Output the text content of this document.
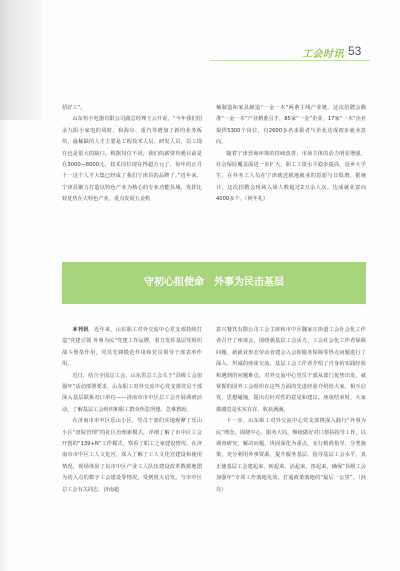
工会时讯 53

招好工”。

山东恒宇电器有限公司副总经理王云升说，“今年我们招录九阳小家电的同时，和海尔、重汽等增加了新的业务板块，最稀缺的人才主要是工程技术人员、研发人员，员工现在也是很大的缺口。根据岗位不同，我们的薪资待遇目前是在3000—8000元，技术岗位现在得超万元了。每年的正月十一这个人才大集已经成了我们宁津县的品牌了。”近年来，宁津县聚力打造以特色产业为核心的专业功能县域，发挥比较优势在大特色产业，重点发展五金机

械制造和家具制造“一金一木”两条主线产业链。这次招聘会瞄准“一金一木”产业精准引才，85家“一金”企业，17家“一木”企业提供5300个岗位，有2600多名求职者与企业达成初步就业意向。

随着宁津营商环境的持续改善，市场主体的活力明显增强，社会保险覆盖面进一步扩大，职工工资水平稳步提高，返乡大学生、在外务工人员在宁津就近就地就业的意愿与日俱增。据统计，这次招聘会现场入场人数超过2万余人次，达成就业意向4000多个。（何冬礼）

守初心担使命　外事为民击基层

本刊讯　 近年来，山东职工对外交流中心党支部持续打造“党建引领 外事为民”党建工作品牌，着力发挥基层党组织战斗堡垒作用，党员先锋模范作用和党员领导干部表率作用。

近日，结合全国总工会、山东省总工会关于“县级工会加强年”活动部署要求，山东职工对外交流中心党支部党员干部深入基层联系对口单位——济南市市中区总工会开展调研活动，了解基层工会组织和职工群众所思所想、急难愁盼。

在济南市市中区乐山小区，党员干部们实地观摩了乐山小区“盘院管理”的社区治理新模式，详细了解了市中区工会开创的“139+N”工作模式，察看了职工之家建设情况。在济南市市中区工人文化宫，深入了解了工人文化宫建设和使用情况，现场体验了以市中区产业工人队伍建设改革数据地图为切入点的数字工会建设等情况，受到很大启发。与市中区总工会有关同志、济南超

意兴餐饮有限公司工会主席和市中区魏家庄街道工会社会化工作者召开了座谈会，围绕强基层工会活力、工会社会化工作者保障问题、新就业形态劳动者建会入会和服务保障等热点问题进行了深入、坦诚的座谈交流，基层工会工作者介绍了自身的实践经验和遇到的问题难点，对外交流中心党员干部从部门优势出发，就掌握的国外工会组织在这些方面的先进经验介绍给大家，相互启发，思想碰撞，提出有针对性的意见和建议。座谈结束时，大家都感觉是实实在在、收获满满。

下一步，山东职工对外交流中心党支部将深入践行“外事为民”理念，围绕中心、服务大局，继续做好对口帮扶指导工作，以调查研究、解决问题、巩固深化为重点，实行精准指导、分类施策，充分利用外事资源，提升服务基层、指导基层工会水平，真正使基层工会建起来、转起来、活起来，扭起来，确保“县级工会加强年”专项工作落地见效，打通政策落地的“最后一公里”。（孙亮）
